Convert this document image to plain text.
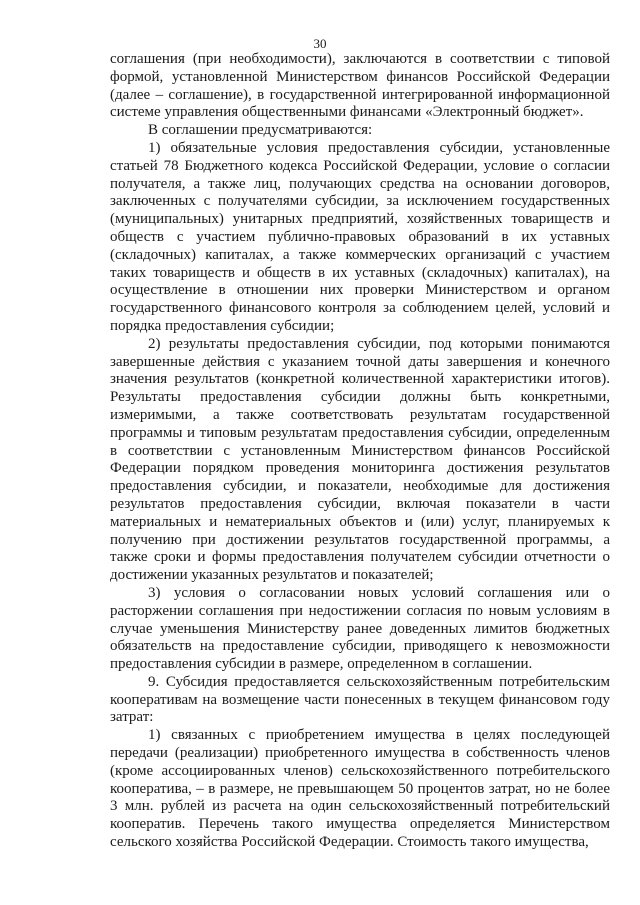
30

соглашения (при необходимости), заключаются в соответствии с типовой формой, установленной Министерством финансов Российской Федерации (далее – соглашение), в государственной интегрированной информационной системе управления общественными финансами «Электронный бюджет».

В соглашении предусматриваются:

1) обязательные условия предоставления субсидии, установленные статьей 78 Бюджетного кодекса Российской Федерации, условие о согласии получателя, а также лиц, получающих средства на основании договоров, заключенных с получателями субсидии, за исключением государственных (муниципальных) унитарных предприятий, хозяйственных товариществ и обществ с участием публично-правовых образований в их уставных (складочных) капиталах, а также коммерческих организаций с участием таких товариществ и обществ в их уставных (складочных) капиталах), на осуществление в отношении них проверки Министерством и органом государственного финансового контроля за соблюдением целей, условий и порядка предоставления субсидии;

2) результаты предоставления субсидии, под которыми понимаются завершенные действия с указанием точной даты завершения и конечного значения результатов (конкретной количественной характеристики итогов). Результаты предоставления субсидии должны быть конкретными, измеримыми, а также соответствовать результатам государственной программы и типовым результатам предоставления субсидии, определенным в соответствии с установленным Министерством финансов Российской Федерации порядком проведения мониторинга достижения результатов предоставления субсидии, и показатели, необходимые для достижения результатов предоставления субсидии, включая показатели в части материальных и нематериальных объектов и (или) услуг, планируемых к получению при достижении результатов государственной программы, а также сроки и формы предоставления получателем субсидии отчетности о достижении указанных результатов и показателей;

3) условия о согласовании новых условий соглашения или о расторжении соглашения при недостижении согласия по новым условиям в случае уменьшения Министерству ранее доведенных лимитов бюджетных обязательств на предоставление субсидии, приводящего к невозможности предоставления субсидии в размере, определенном в соглашении.

9. Субсидия предоставляется сельскохозяйственным потребительским кооперативам на возмещение части понесенных в текущем финансовом году затрат:

1) связанных с приобретением имущества в целях последующей передачи (реализации) приобретенного имущества в собственность членов (кроме ассоциированных членов) сельскохозяйственного потребительского кооператива, – в размере, не превышающем 50 процентов затрат, но не более 3 млн. рублей из расчета на один сельскохозяйственный потребительский кооператив. Перечень такого имущества определяется Министерством сельского хозяйства Российской Федерации. Стоимость такого имущества,
